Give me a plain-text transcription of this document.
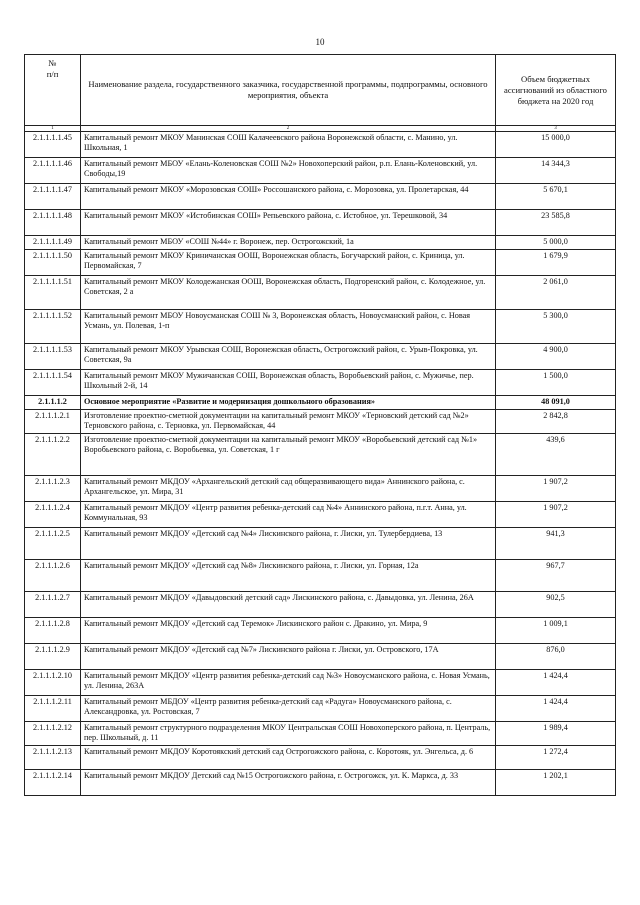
10
№
п/п	Наименование раздела, государственного заказчика, государственной программы, подпрограммы, основного мероприятия, объекта	Объем бюджетных ассигнований из областного бюджета на 2020 год
1	2	3
2.1.1.1.1.45	Капитальный ремонт МКОУ Манинская СОШ Калачеевского района Воронежской области, с. Манино, ул. Школьная, 1	15 000,0
2.1.1.1.1.46	Капитальный ремонт МБОУ «Елань-Коленовская СОШ №2» Новохоперский район, р.п. Елань-Коленовский, ул. Свободы,19	14 344,3
2.1.1.1.1.47	Капитальный ремонт МКОУ «Морозовская СОШ» Россошанского района, с. Морозовка, ул. Пролетарская, 44	5 670,1
2.1.1.1.1.48	Капитальный ремонт МКОУ «Истобинская СОШ» Репьевского района, с. Истобное, ул. Терешковой, 34	23 585,8
2.1.1.1.1.49	Капитальный ремонт МБОУ «СОШ №44» г. Воронеж, пер. Острогожский, 1а	5 000,0
2.1.1.1.1.50	Капитальный ремонт МКОУ Криничанская ООШ, Воронежская область, Богучарский район, с. Криница, ул. Первомайская, 7	1 679,9
2.1.1.1.1.51	Капитальный ремонт МКОУ Колодежанская ООШ, Воронежская область, Подгоренский район, с. Колодежное, ул. Советская, 2 а	2 061,0
2.1.1.1.1.52	Капитальный ремонт МБОУ Новоусманская СОШ № 3, Воронежская область, Новоусманский район, с. Новая Усмань, ул. Полевая, 1-п	5 300,0
2.1.1.1.1.53	Капитальный ремонт МКОУ Урывская СОШ, Воронежская область, Острогожский район, с. Урыв-Покровка, ул. Советская, 9а	4 900,0
2.1.1.1.1.54	Капитальный ремонт МКОУ Мужичанская СОШ, Воронежская область, Воробьевский район, с. Мужичье, пер. Школьный 2-й, 14	1 500,0
2.1.1.1.2	Основное мероприятие «Развитие и модернизация дошкольного образования»	48 091,0
2.1.1.1.2.1	Изготовление проектно-сметной документации на капитальный ремонт МКОУ «Терновский детский сад №2» Терновского района, с. Терновка, ул. Первомайская, 44	2 842,8
2.1.1.1.2.2	Изготовление проектно-сметной документации на капитальный ремонт МКОУ «Воробьевский детский сад №1» Воробьевского района, с. Воробьевка, ул. Советская, 1 г	439,6
2.1.1.1.2.3	Капитальный ремонт МКДОУ «Архангельский детский сад общеразвивающего вида» Аннинского района, с. Архангельское, ул. Мира, 31	1 907,2
2.1.1.1.2.4	Капитальный ремонт МКДОУ «Центр развития ребенка-детский сад №4» Аннинского района, п.г.т. Анна, ул. Коммунальная, 93	1 907,2
2.1.1.1.2.5	Капитальный ремонт МКДОУ «Детский сад №4» Лискинского района, г. Лиски, ул. Тулербердиева, 13	941,3
2.1.1.1.2.6	Капитальный ремонт МКДОУ «Детский сад №8» Лискинского района, г. Лиски, ул. Горная, 12а	967,7
2.1.1.1.2.7	Капитальный ремонт МКДОУ «Давыдовский детский сад» Лискинского района, с. Давыдовка, ул. Ленина, 26А	902,5
2.1.1.1.2.8	Капитальный ремонт МКДОУ «Детский сад Теремок» Лискинского район с. Дракино, ул. Мира, 9	1 009,1
2.1.1.1.2.9	Капитальный ремонт МКДОУ «Детский сад №7» Лискинского района г. Лиски, ул. Островского, 17А	876,0
2.1.1.1.2.10	Капитальный ремонт МКДОУ «Центр развития ребенка-детский сад №3» Новоусманского района, с. Новая Усмань, ул. Ленина, 263А	1 424,4
2.1.1.1.2.11	Капитальный ремонт МБДОУ «Центр развития ребенка-детский сад «Радуга» Новоусманского района, с. Александровка, ул. Ростовская, 7	1 424,4
2.1.1.1.2.12	Капитальный ремонт структурного подразделения МКОУ Центральская СОШ Новохоперского района, п. Централь, пер. Школьный, д. 11	1 989,4
2.1.1.1.2.13	Капитальный ремонт МКДОУ Коротоякский детский сад Острогожского района, с. Коротояк, ул. Энгельса, д. 6	1 272,4
2.1.1.1.2.14	Капитальный ремонт МКДОУ Детский сад №15 Острогожского района, г. Острогожск, ул. К. Маркса, д. 33	1 202,1
